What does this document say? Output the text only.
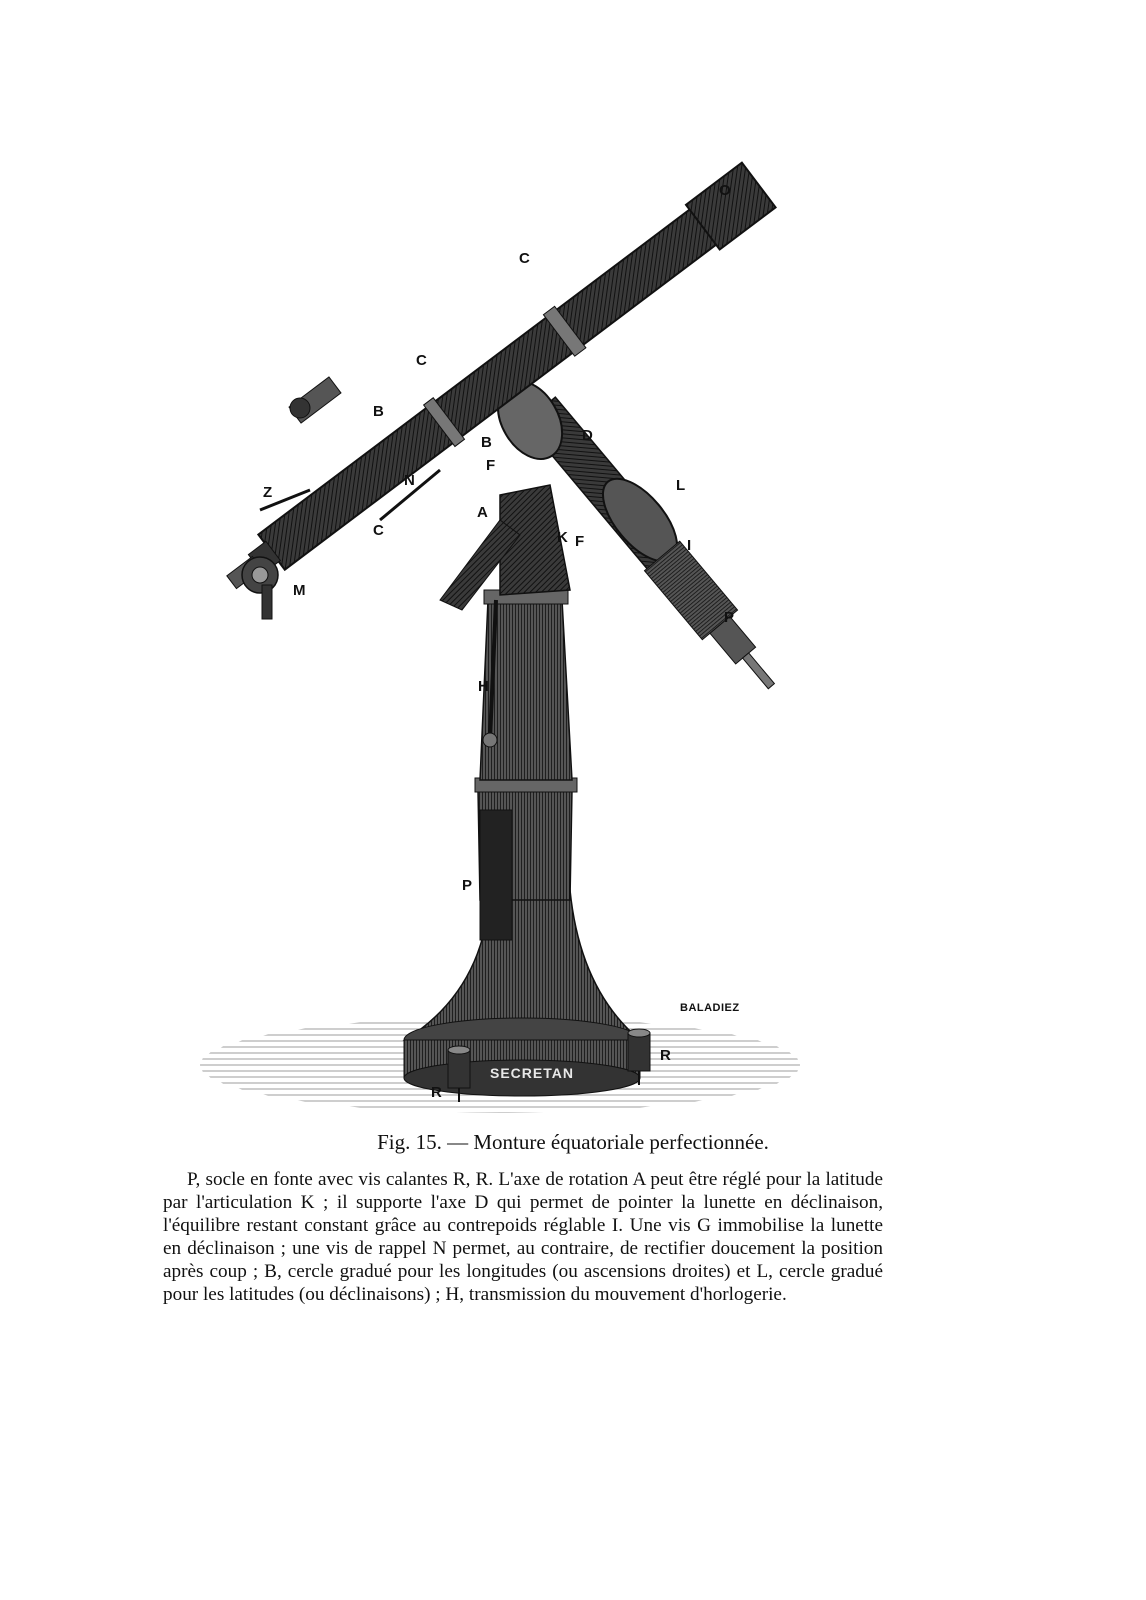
O
C
C
B
D
B
F
N	L
Z
A
C	K F	I
M
P
H
P
R
R
BALADIEZ
SECRETAN
Fig. 15. — Monture équatoriale perfectionnée.

P, socle en fonte avec vis calantes R, R. L'axe de rotation A peut être réglé pour la latitude par l'articulation K ; il supporte l'axe D qui permet de pointer la lunette en déclinaison, l'équilibre restant constant grâce au contrepoids réglable I. Une vis G immobilise la lunette en déclinaison ; une vis de rappel N permet, au contraire, de rectifier doucement la position après coup ; B, cercle gradué pour les longitudes (ou ascensions droites) et L, cercle gradué pour les latitudes (ou déclinaisons) ; H, transmission du mouvement d'horlogerie.
